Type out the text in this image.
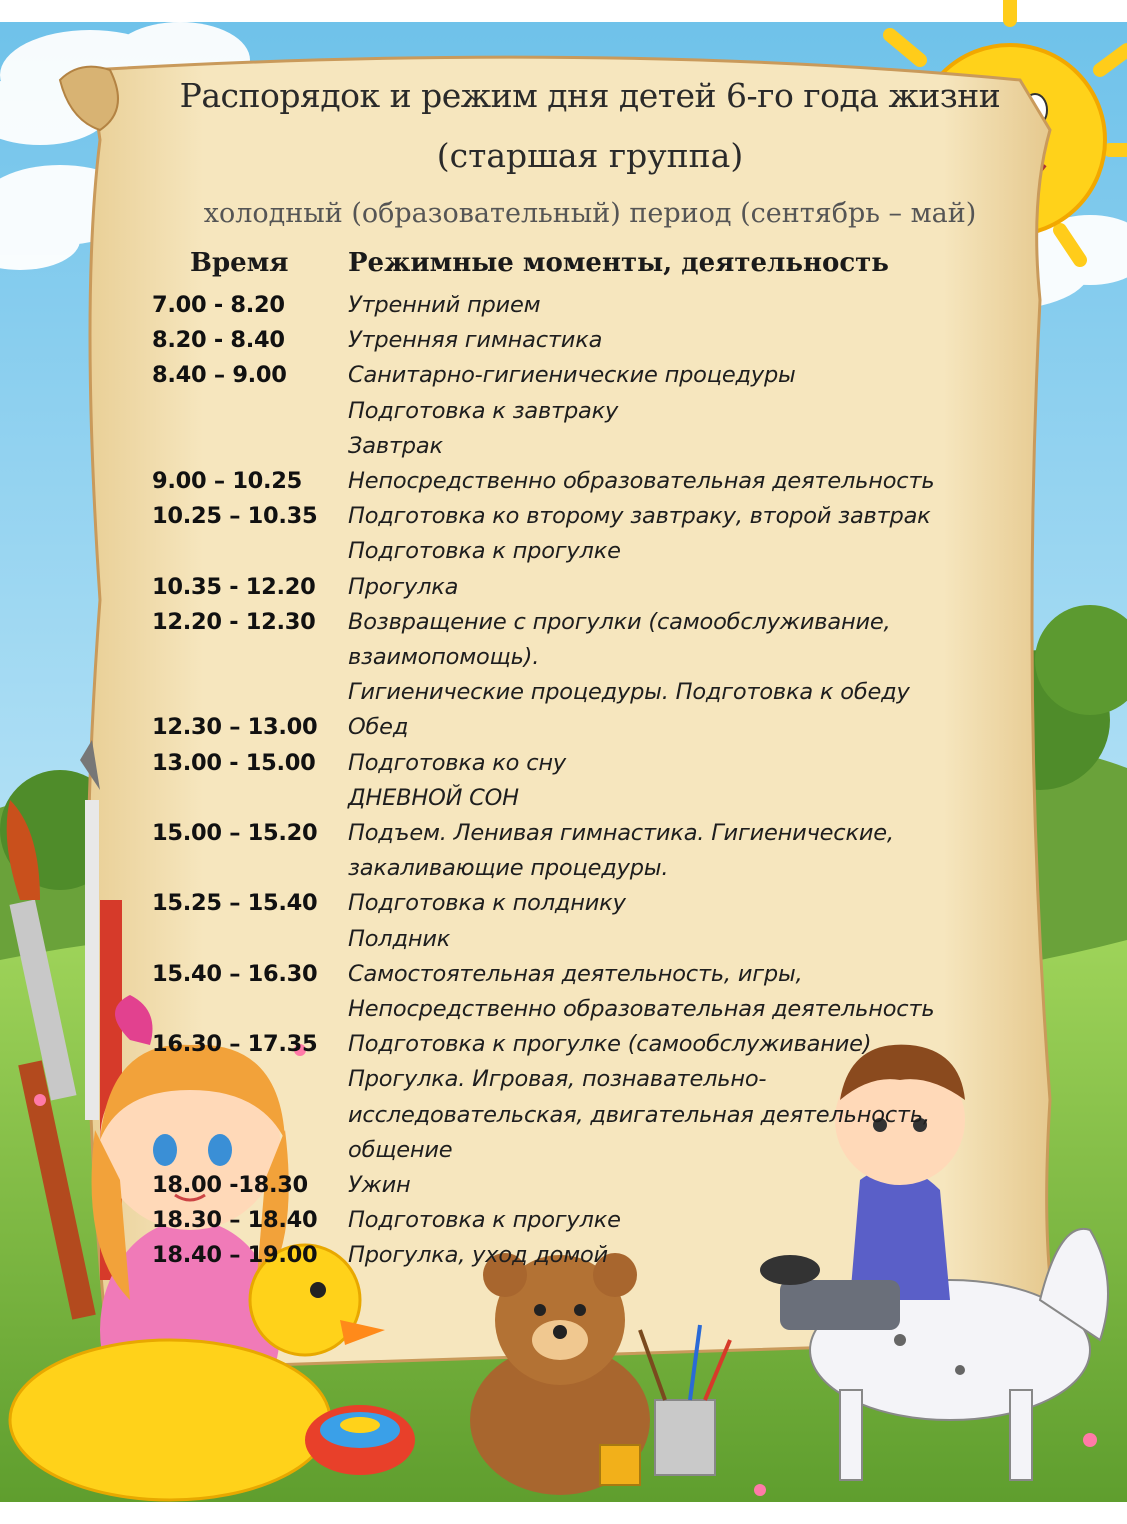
Распорядок и режим дня детей 6-го года жизни
(старшая группа)
холодный (образовательный) период (сентябрь – май)
Время Режимные моменты, деятельность
7.00 - 8.20	Утренний прием
8.20 - 8.40	Утренняя гимнастика
8.40 – 9.00	Санитарно-гигиенические процедуры
Подготовка к завтраку
Завтрак
9.00 – 10.25	Непосредственно образовательная деятельность
10.25 – 10.35	Подготовка ко второму завтраку, второй завтрак
Подготовка к прогулке
10.35 - 12.20	Прогулка
12.20 - 12.30	Возвращение с прогулки (самообслуживание,
взаимопомощь).
Гигиенические процедуры. Подготовка к обеду
12.30 – 13.00	Обед
13.00 - 15.00	Подготовка ко сну
ДНЕВНОЙ СОН
15.00 – 15.20	Подъем. Ленивая гимнастика. Гигиенические,
закаливающие процедуры.
15.25 – 15.40	Подготовка к полднику
Полдник
15.40 – 16.30	Самостоятельная деятельность, игры,
Непосредственно образовательная деятельность
16.30 – 17.35	Подготовка к прогулке (самообслуживание)
Прогулка. Игровая, познавательно-
исследовательская, двигательная деятельность,
общение
18.00 -18.30	Ужин
18.30 – 18.40	Подготовка к прогулке
18.40 – 19.00	Прогулка, уход домой
